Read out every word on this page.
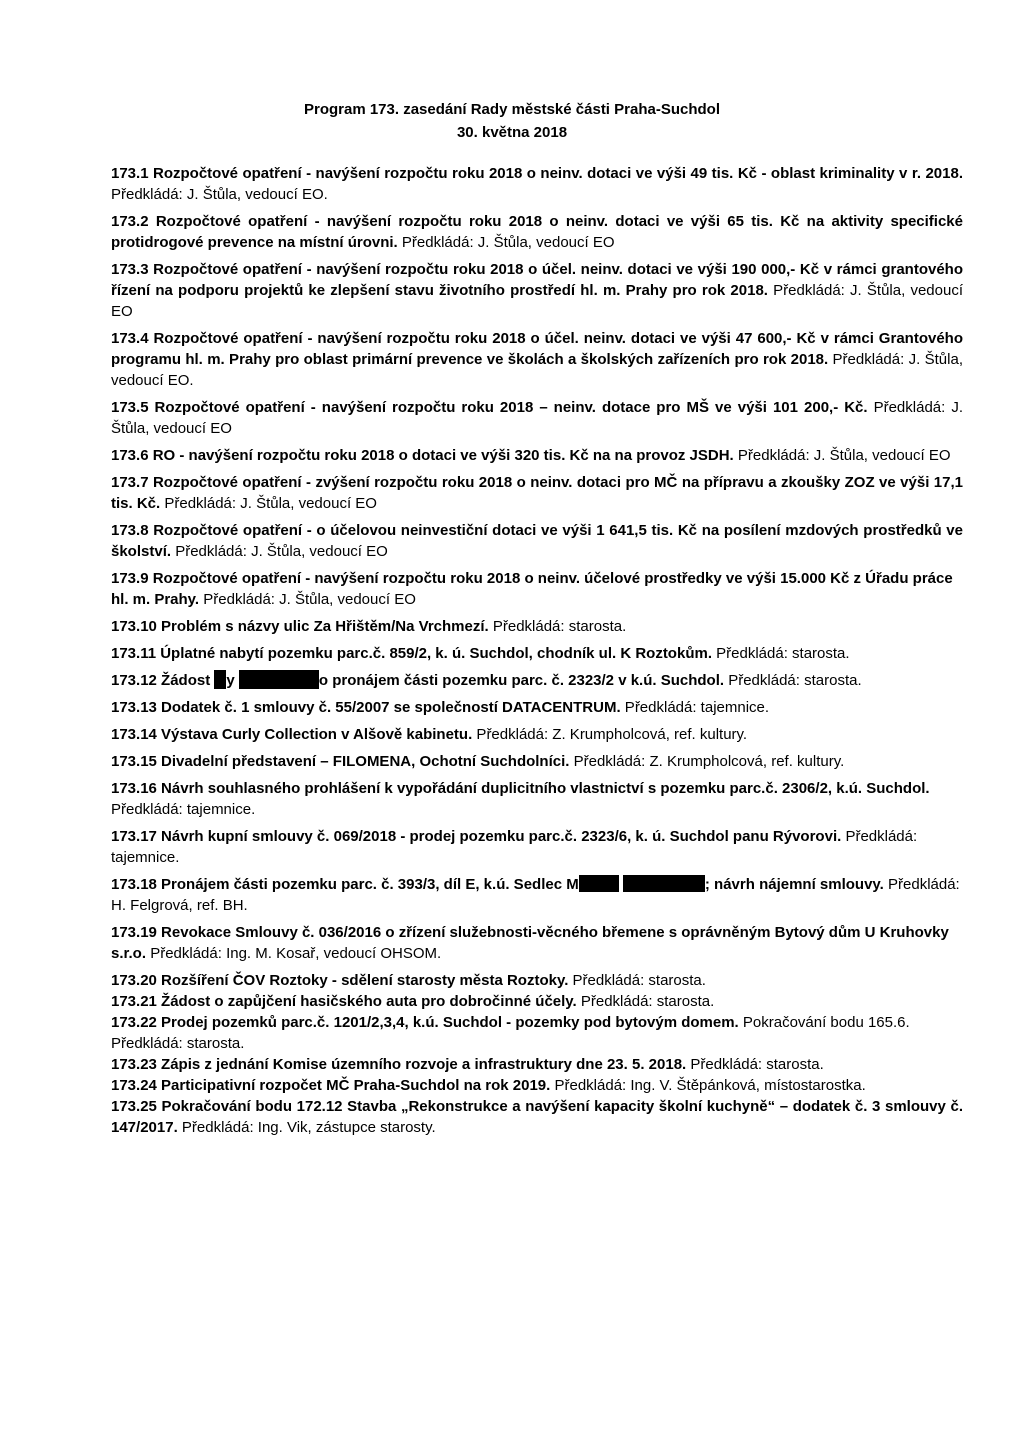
Program 173. zasedání Rady městské části Praha-Suchdol
30. května 2018
173.1 Rozpočtové opatření - navýšení rozpočtu roku 2018 o neinv. dotaci ve výši 49 tis. Kč - oblast kriminality v r. 2018. Předkládá: J. Štůla, vedoucí EO.
173.2 Rozpočtové opatření - navýšení rozpočtu roku 2018 o neinv. dotaci ve výši 65 tis. Kč na aktivity specifické protidrogové prevence na místní úrovni. Předkládá: J. Štůla, vedoucí EO
173.3 Rozpočtové opatření - navýšení rozpočtu roku 2018 o účel. neinv. dotaci ve výši 190 000,- Kč v rámci grantového řízení na podporu projektů ke zlepšení stavu životního prostředí hl. m. Prahy pro rok 2018. Předkládá: J. Štůla, vedoucí EO
173.4 Rozpočtové opatření - navýšení rozpočtu roku 2018 o účel. neinv. dotaci ve výši 47 600,- Kč v rámci Grantového programu hl. m. Prahy pro oblast primární prevence ve školách a školských zařízeních pro rok 2018. Předkládá: J. Štůla, vedoucí EO.
173.5 Rozpočtové opatření - navýšení rozpočtu roku 2018 – neinv. dotace pro MŠ ve výši 101 200,- Kč. Předkládá: J. Štůla, vedoucí EO
173.6 RO - navýšení rozpočtu roku 2018 o dotaci ve výši 320 tis. Kč na na provoz JSDH. Předkládá: J. Štůla, vedoucí EO
173.7 Rozpočtové opatření - zvýšení rozpočtu roku 2018 o neinv. dotaci pro MČ na přípravu a zkoušky ZOZ ve výši 17,1 tis. Kč. Předkládá: J. Štůla, vedoucí EO
173.8 Rozpočtové opatření - o účelovou neinvestiční dotaci ve výši 1 641,5 tis. Kč na posílení mzdových prostředků ve školství. Předkládá: J. Štůla, vedoucí EO
173.9 Rozpočtové opatření - navýšení rozpočtu roku 2018 o neinv. účelové prostředky ve výši 15.000 Kč z Úřadu práce hl. m. Prahy. Předkládá: J. Štůla, vedoucí EO
173.10 Problém s názvy ulic Za Hřištěm/Na Vrchmezí. Předkládá: starosta.
173.11 Úplatné nabytí pozemku parc.č. 859/2, k. ú. Suchdol, chodník ul. K Roztokům. Předkládá: starosta.
173.12 Žádost y	o pronájem části pozemku parc. č. 2323/2 v k.ú. Suchdol. Předkládá: starosta.
173.13 Dodatek č. 1 smlouvy č. 55/2007 se společností DATACENTRUM. Předkládá: tajemnice.
173.14 Výstava Curly Collection v Alšově kabinetu. Předkládá: Z. Krumpholcová, ref. kultury.
173.15 Divadelní představení – FILOMENA, Ochotní Suchdolníci. Předkládá: Z. Krumpholcová, ref. kultury.
173.16 Návrh souhlasného prohlášení k vypořádání duplicitního vlastnictví s pozemku parc.č. 2306/2, k.ú. Suchdol. Předkládá: tajemnice.
173.17 Návrh kupní smlouvy č. 069/2018 - prodej pozemku parc.č. 2323/6, k. ú. Suchdol panu Rývorovi. Předkládá: tajemnice.
173.18 Pronájem části pozemku parc. č. 393/3, díl E, k.ú. Sedlec M	; návrh nájemní smlouvy. Předkládá: H. Felgrová, ref. BH.
173.19 Revokace Smlouvy č. 036/2016 o zřízení služebnosti-věcného břemene s oprávněným Bytový dům U Kruhovky s.r.o. Předkládá: Ing. M. Kosař, vedoucí OHSOM.
173.20 Rozšíření ČOV Roztoky - sdělení starosty města Roztoky. Předkládá: starosta.
173.21 Žádost o zapůjčení hasičského auta pro dobročinné účely. Předkládá: starosta.
173.22 Prodej pozemků parc.č. 1201/2,3,4, k.ú. Suchdol - pozemky pod bytovým domem. Pokračování bodu 165.6. Předkládá: starosta.
173.23 Zápis z jednání Komise územního rozvoje a infrastruktury dne 23. 5. 2018. Předkládá: starosta.
173.24 Participativní rozpočet MČ Praha-Suchdol na rok 2019. Předkládá: Ing. V. Štěpánková, místostarostka.
173.25 Pokračování bodu 172.12 Stavba „Rekonstrukce a navýšení kapacity školní kuchyně“ – dodatek č. 3 smlouvy č. 147/2017. Předkládá: Ing. Vik, zástupce starosty.
